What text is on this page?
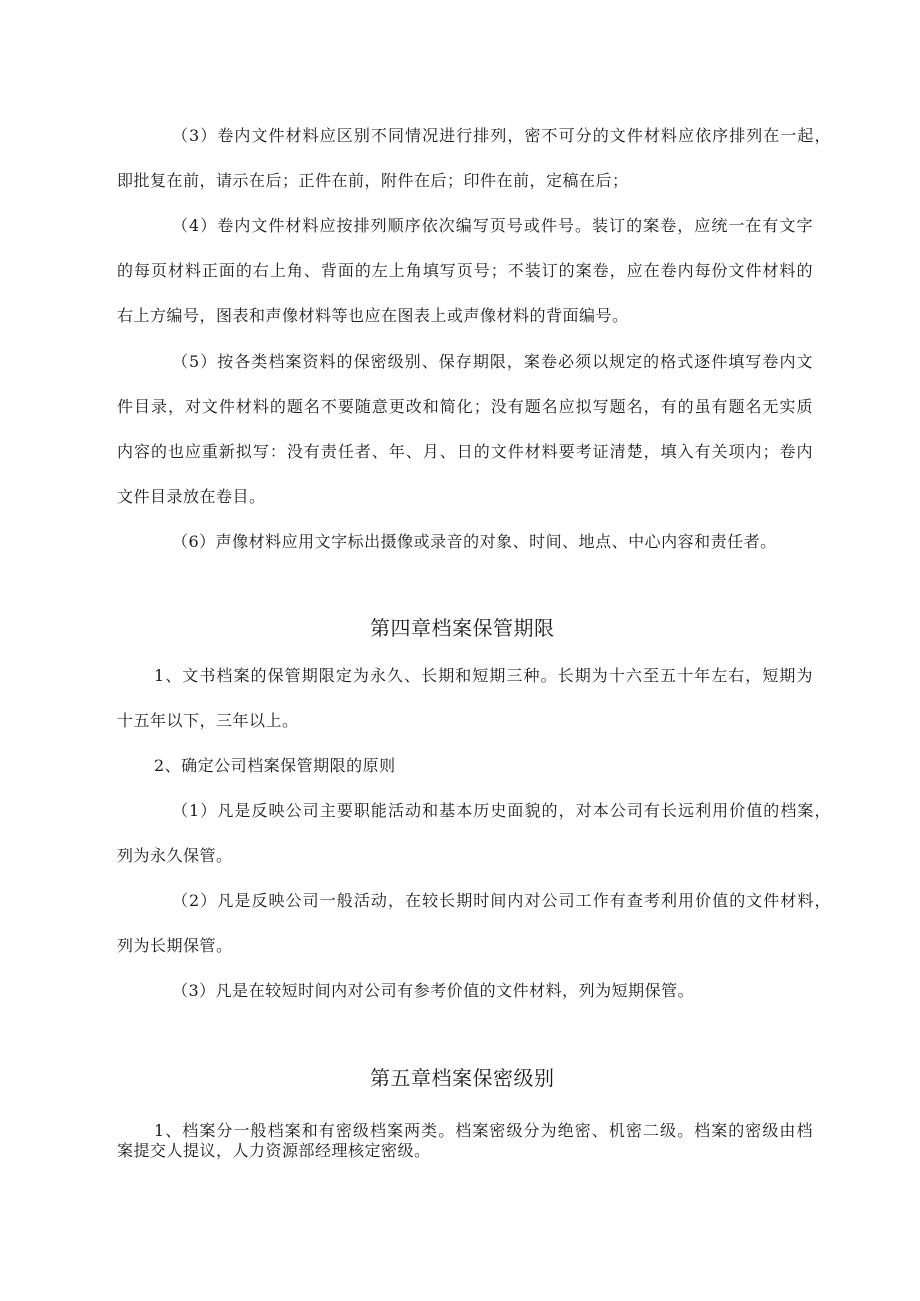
（3）卷内文件材料应区别不同情况进行排列，密不可分的文件材料应依序排列在一起，
即批复在前，请示在后；正件在前，附件在后；印件在前，定稿在后；
（4）卷内文件材料应按排列顺序依次编写页号或件号。装订的案卷，应统一在有文字
的每页材料正面的右上角、背面的左上角填写页号；不装订的案卷，应在卷内每份文件材料的
右上方编号，图表和声像材料等也应在图表上或声像材料的背面编号。
（5）按各类档案资料的保密级别、保存期限，案卷必须以规定的格式逐件填写卷内文
件目录，对文件材料的题名不要随意更改和简化；没有题名应拟写题名，有的虽有题名无实质
内容的也应重新拟写：没有责任者、年、月、日的文件材料要考证清楚，填入有关项内；卷内
文件目录放在卷目。
（6）声像材料应用文字标出摄像或录音的对象、时间、地点、中心内容和责任者。
第四章档案保管期限
1、文书档案的保管期限定为永久、长期和短期三种。长期为十六至五十年左右，短期为
十五年以下，三年以上。
2、确定公司档案保管期限的原则
（1）凡是反映公司主要职能活动和基本历史面貌的，对本公司有长远利用价值的档案，
列为永久保管。
（2）凡是反映公司一般活动，在较长期时间内对公司工作有查考利用价值的文件材料，
列为长期保管。
（3）凡是在较短时间内对公司有参考价值的文件材料，列为短期保管。
第五章档案保密级别
1、档案分一般档案和有密级档案两类。档案密级分为绝密、机密二级。档案的密级由档
案提交人提议，人力资源部经理核定密级。
